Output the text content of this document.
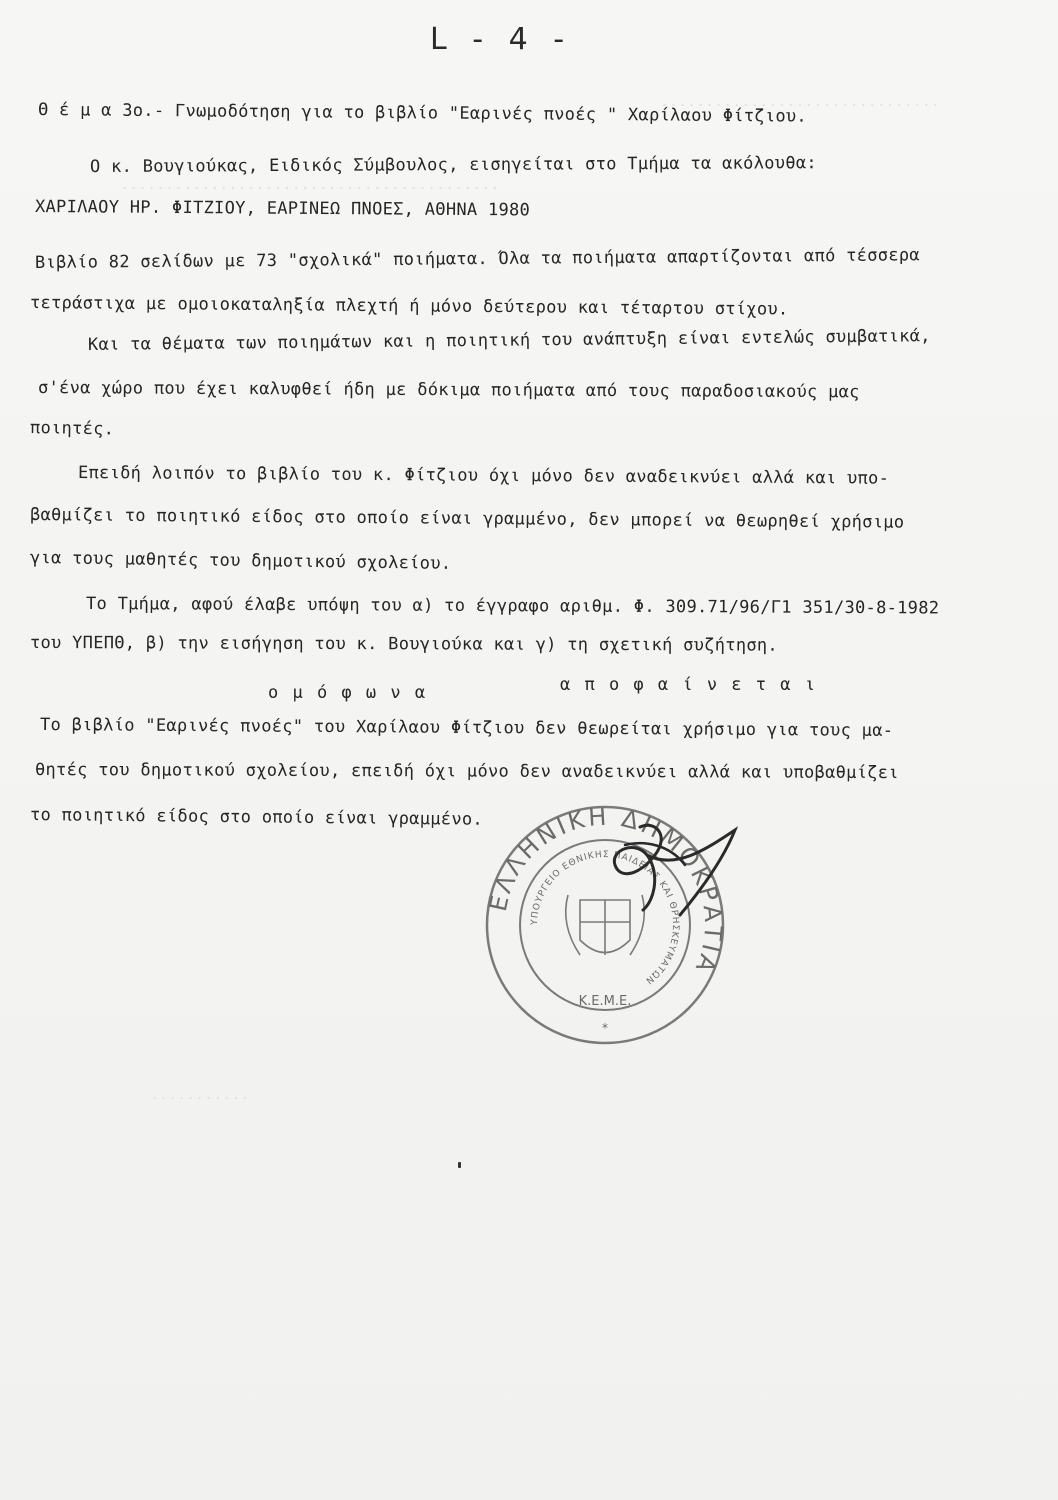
...............................
..........................................
...........
L - 4 -
Θ έ μ α 3ο.- Γνωμοδότηση για το βιβλίο "Εαρινές πνοές " Χαρίλαου Φίτζιου.
Ο κ. Βουγιούκας, Ειδικός Σύμβουλος, εισηγείται στο Τμήμα τα ακόλουθα:
ΧΑΡΙΛΑΟΥ ΗΡ. ΦΙΤΖΙΟΥ, ΕΑΡΙΝΕΩ ΠΝΟΕΣ, ΑΘΗΝΑ 1980
Βιβλίο 82 σελίδων με 73 "σχολικά" ποιήματα. Όλα τα ποιήματα απαρτίζονται από τέσσερα
τετράστιχα με ομοιοκαταληξία πλεχτή ή μόνο δεύτερου και τέταρτου στίχου.
Και τα θέματα των ποιημάτων και η ποιητική του ανάπτυξη είναι εντελώς συμβατικά,
σ'ένα χώρο που έχει καλυφθεί ήδη με δόκιμα ποιήματα από τους παραδοσιακούς μας
ποιητές.
Επειδή λοιπόν το βιβλίο του κ. Φίτζιου όχι μόνο δεν αναδεικνύει αλλά και υπο-
βαθμίζει το ποιητικό είδος στο οποίο είναι γραμμένο, δεν μπορεί να θεωρηθεί χρήσιμο
για τους μαθητές του δημοτικού σχολείου.
Το Τμήμα, αφού έλαβε υπόψη του α) το έγγραφο αριθμ. Φ. 309.71/96/Γ1 351/30-8-1982
του ΥΠΕΠΘ, β) την εισήγηση του κ. Βουγιούκα και γ) τη σχετική συζήτηση.
ο μ ό φ ω ν α	α π ο φ α ί ν ε τ α ι
Το βιβλίο "Εαρινές πνοές" του Χαρίλαου Φίτζιου δεν θεωρείται χρήσιμο για τους μα-
θητές του δημοτικού σχολείου, επειδή όχι μόνο δεν αναδεικνύει αλλά και υποβαθμίζει
το ποιητικό είδος στο οποίο είναι γραμμένο.
ΕΛΛΗΝΙΚΗ ΔΗΜΟΚΡΑΤΙΑ
ΥΠΟΥΡΓΕΙΟ ΕΘΝΙΚΗΣ ΠΑΙΔΕΙΑΣ ΚΑΙ ΘΡΗΣΚΕΥΜΑΤΩΝ
Κ.Ε.Μ.Ε.
*
